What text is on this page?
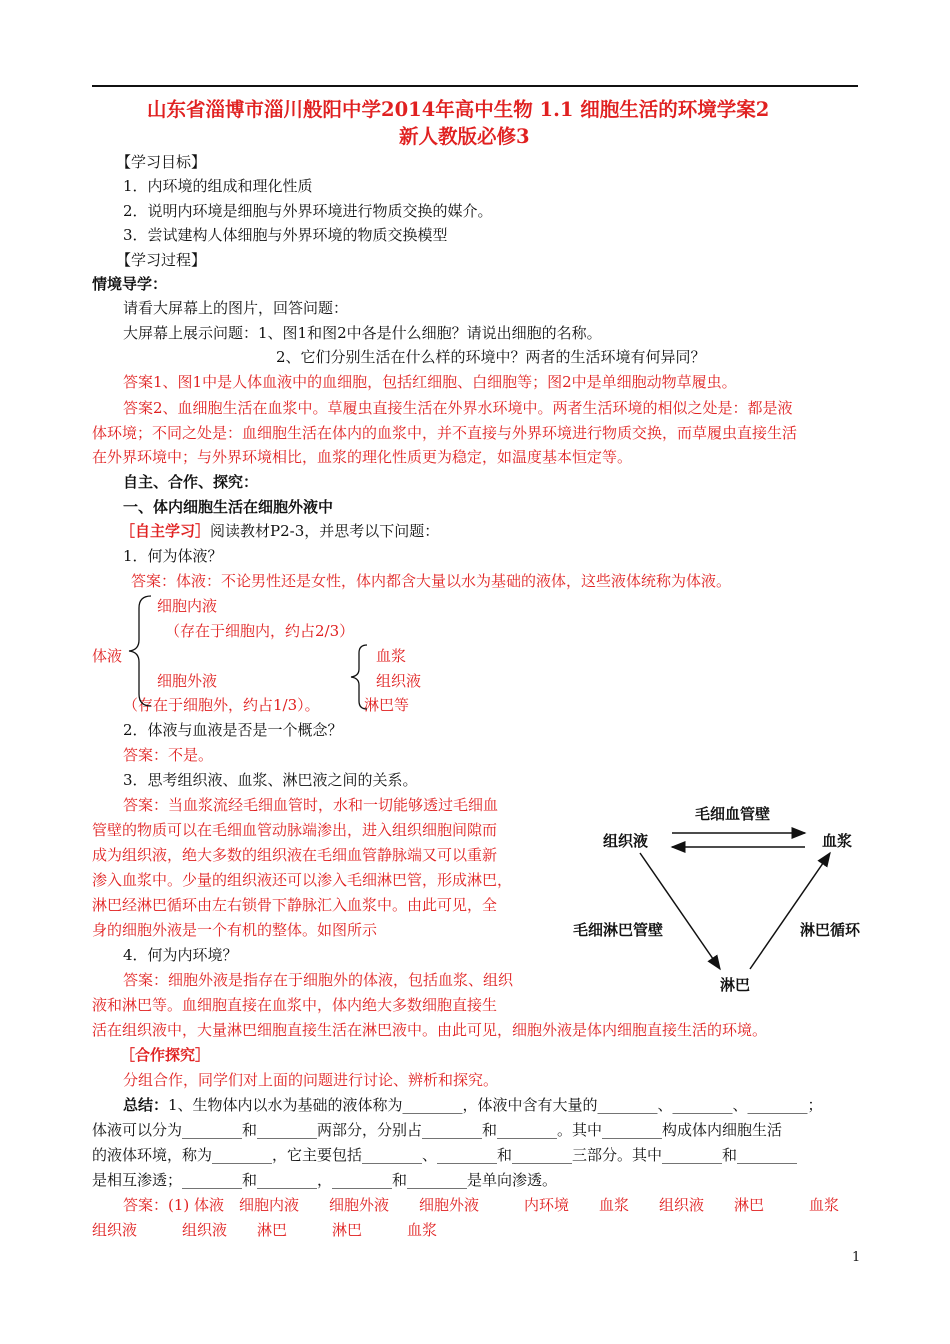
山东省淄博市淄川般阳中学2014年高中生物 1.1 细胞生活的环境学案2
新人教版必修3
【学习目标】
1．内环境的组成和理化性质
2．说明内环境是细胞与外界环境进行物质交换的媒介。
3．尝试建构人体细胞与外界环境的物质交换模型
【学习过程】
情境导学：
请看大屏幕上的图片，回答问题：
大屏幕上展示问题：1、图1和图2中各是什么细胞？请说出细胞的名称。
2、它们分别生活在什么样的环境中？两者的生活环境有何异同？
答案1、图1中是人体血液中的血细胞，包括红细胞、白细胞等；图2中是单细胞动物草履虫。
答案2、血细胞生活在血浆中。草履虫直接生活在外界水环境中。两者生活环境的相似之处是：都是液
体环境；不同之处是：血细胞生活在体内的血浆中，并不直接与外界环境进行物质交换，而草履虫直接生活
在外界环境中；与外界环境相比，血浆的理化性质更为稳定，如温度基本恒定等。
自主、合作、探究：
一、体内细胞生活在细胞外液中
［自主学习］阅读教材P2-3，并思考以下问题：
1．何为体液？
答案：体液：不论男性还是女性，体内都含大量以水为基础的液体，这些液体统称为体液。
细胞内液
（存在于细胞内，约占2/3）
体液
细胞外液
（存在于细胞外，约占1/3）。
血浆
组织液
淋巴等
2．体液与血液是否是一个概念？
答案：不是。
3．思考组织液、血浆、淋巴液之间的关系。
答案：当血浆流经毛细血管时，水和一切能够透过毛细血
管壁的物质可以在毛细血管动脉端渗出，进入组织细胞间隙而
成为组织液，绝大多数的组织液在毛细血管静脉端又可以重新
渗入血浆中。少量的组织液还可以渗入毛细淋巴管，形成淋巴，
淋巴经淋巴循环由左右锁骨下静脉汇入血浆中。由此可见，全
身的细胞外液是一个有机的整体。如图所示
4．何为内环境？
答案：细胞外液是指存在于细胞外的体液，包括血浆、组织
液和淋巴等。血细胞直接在血浆中，体内绝大多数细胞直接生
活在组织液中，大量淋巴细胞直接生活在淋巴液中。由此可见，细胞外液是体内细胞直接生活的环境。
毛细血管壁
组织液	血浆
毛细淋巴管壁	淋巴循环
淋巴
［合作探究］
分组合作，同学们对上面的问题进行讨论、辨析和探究。
总结：1、生物体内以水为基础的液体称为________，体液中含有大量的________、________、________；
体液可以分为________和________两部分，分别占________和________。其中________构成体内细胞生活
的液体环境，称为________，它主要包括________、________和________三部分。其中________和________
是相互渗透；________和________，________和________是单向渗透。
答案：(1) 体液　细胞内液　　细胞外液　　细胞外液　　　内环境　　血浆　　组织液　　淋巴　　　血浆
组织液　　　组织液　　淋巴　　　淋巴　　　血浆
1
